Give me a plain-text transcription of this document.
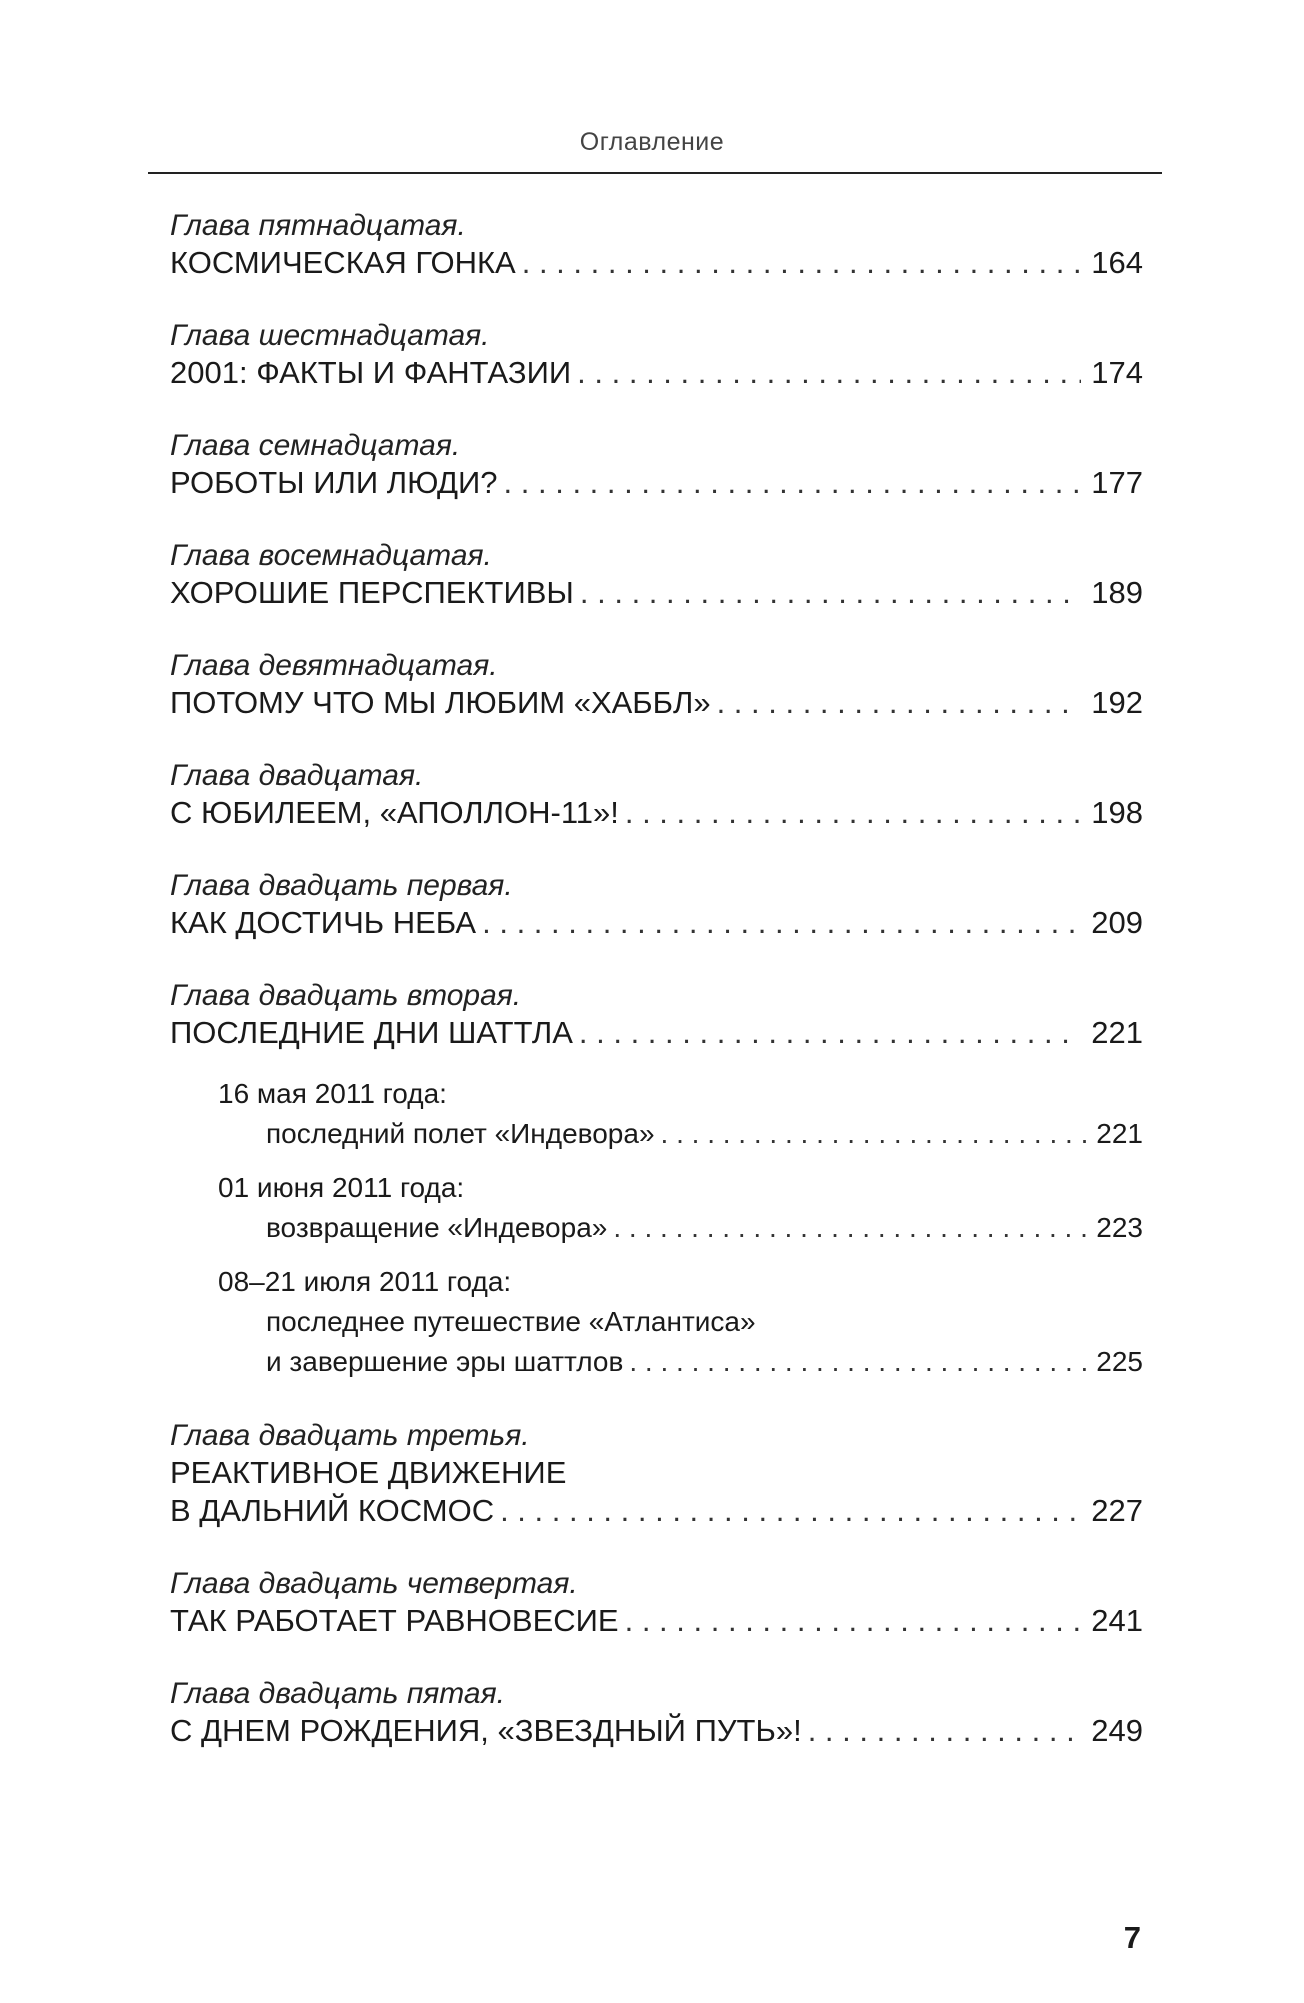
Оглавление
Глава пятнадцатая.
КОСМИЧЕСКАЯ ГОНКА . . .	164
Глава шестнадцатая.
2001: ФАКТЫ И ФАНТАЗИИ . . .	174
Глава семнадцатая.
РОБОТЫ ИЛИ ЛЮДИ? . . .	177
Глава восемнадцатая.
ХОРОШИЕ ПЕРСПЕКТИВЫ . . .	189
Глава девятнадцатая.
ПОТОМУ ЧТО МЫ ЛЮБИМ «ХАББЛ» . . .	192
Глава двадцатая.
С ЮБИЛЕЕМ, «АПОЛЛОН-11»! . . .	198
Глава двадцать первая.
КАК ДОСТИЧЬ НЕБА . . .	209
Глава двадцать вторая.
ПОСЛЕДНИЕ ДНИ ШАТТЛА . . .	221
16 мая 2011 года:
последний полет «Индевора» . . .	221
01 июня 2011 года:
возвращение «Индевора» . . .	223
08–21 июля 2011 года:
последнее путешествие «Атлантиса»
и завершение эры шаттлов . . .	225
Глава двадцать третья.
РЕАКТИВНОЕ ДВИЖЕНИЕ
В ДАЛЬНИЙ КОСМОС . . .	227
Глава двадцать четвертая.
ТАК РАБОТАЕТ РАВНОВЕСИЕ . . .	241
Глава двадцать пятая.
С ДНЕМ РОЖДЕНИЯ, «ЗВЕЗДНЫЙ ПУТЬ»! . . .	249
7
